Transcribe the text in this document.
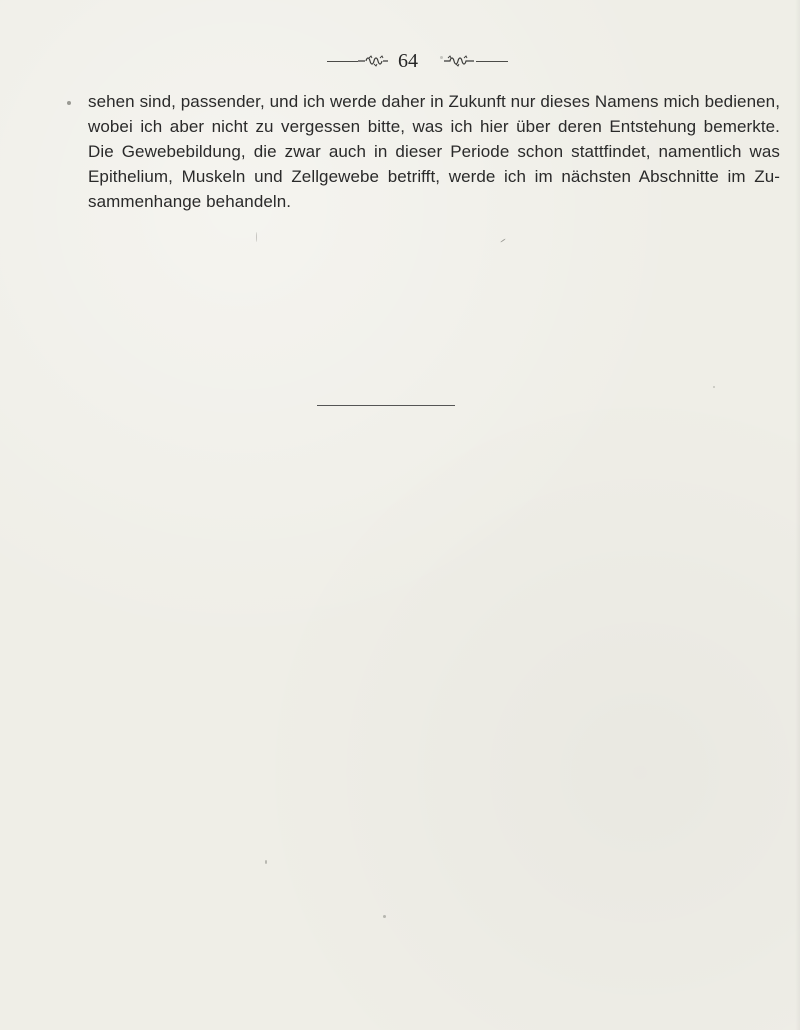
64
sehen sind, passender, und ich werde daher in Zukunft nur dieses Namens mich bedienen,
wobei ich aber nicht zu vergessen bitte, was ich hier über deren Entstehung bemerkte.
Die Gewebebildung, die zwar auch in dieser Periode schon stattfindet, namentlich was
Epithelium, Muskeln und Zellgewebe betrifft, werde ich im nächsten Abschnitte im Zu-
sammenhange behandeln.
